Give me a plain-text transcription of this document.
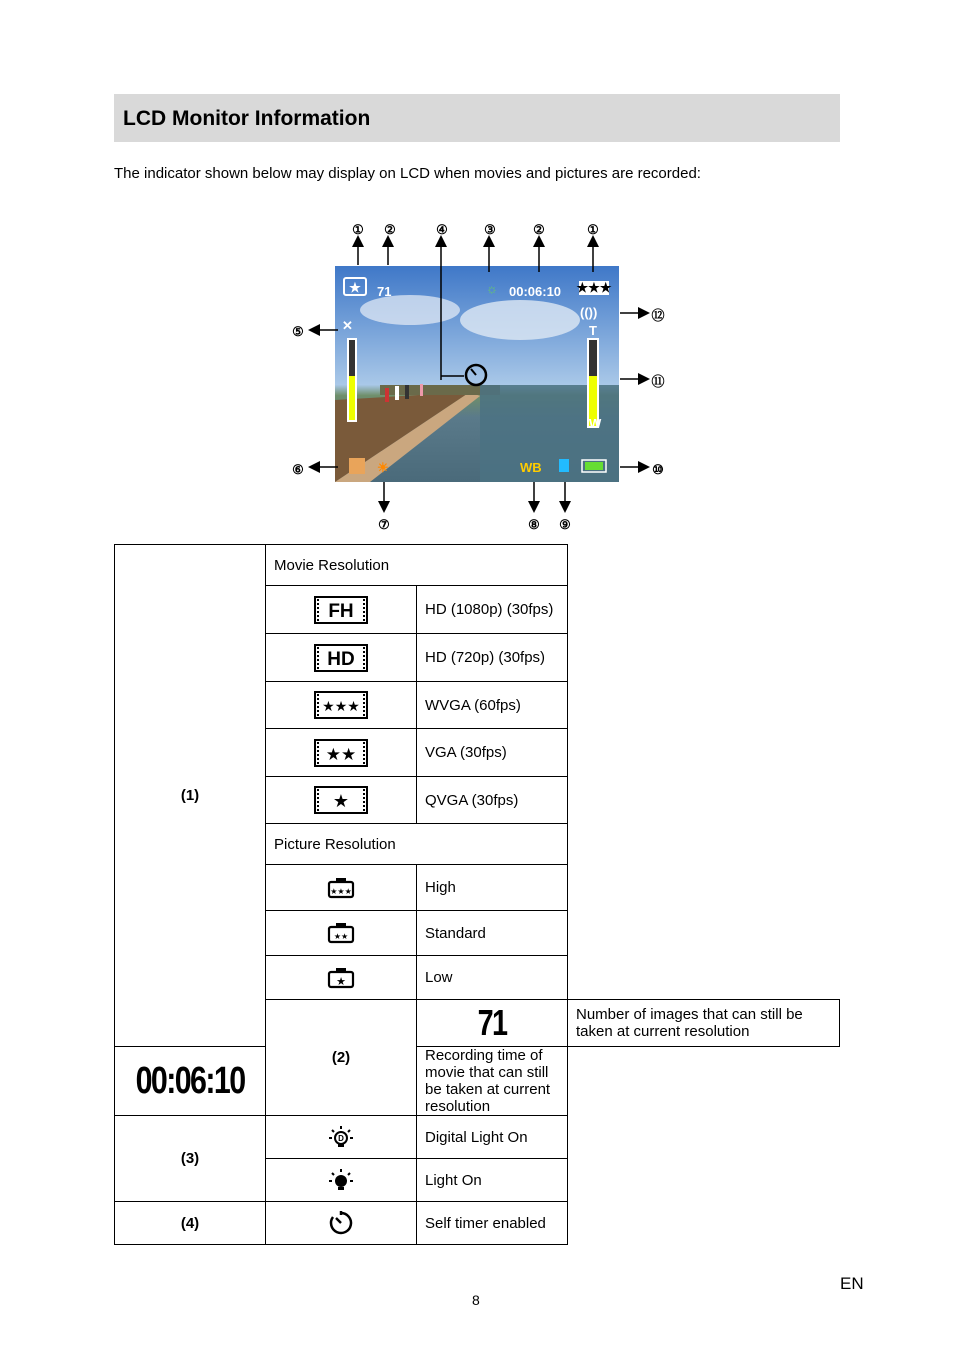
LCD Monitor Information

The indicator shown below may display on LCD when movies and pictures are recorded:

★ 71	☼ 00:06:10 ★★★
(())
✕	T
W
☀	WB
① ②	④	③	②	①
⑤
⑫
⑪
⑥	⑩
⑦	⑧ ⑨
(1)	Movie Resolution		

FH	HD (1080p) (30fps)	

HD	HD (720p) (30fps)	

★★★	WVGA (60fps)	

★★	VGA (30fps)	

★	QVGA (30fps)	
	Picture Resolution		

★★★	High	

★★	Standard	

★	Low	
	(2)	71	Number of images that can still be taken at current resolution
00:06:10		Recording time of movie that can still be taken at current resolution	
(3)	D	Digital Light On	

	Light On	
(4)		Self timer enabled	
EN
8
